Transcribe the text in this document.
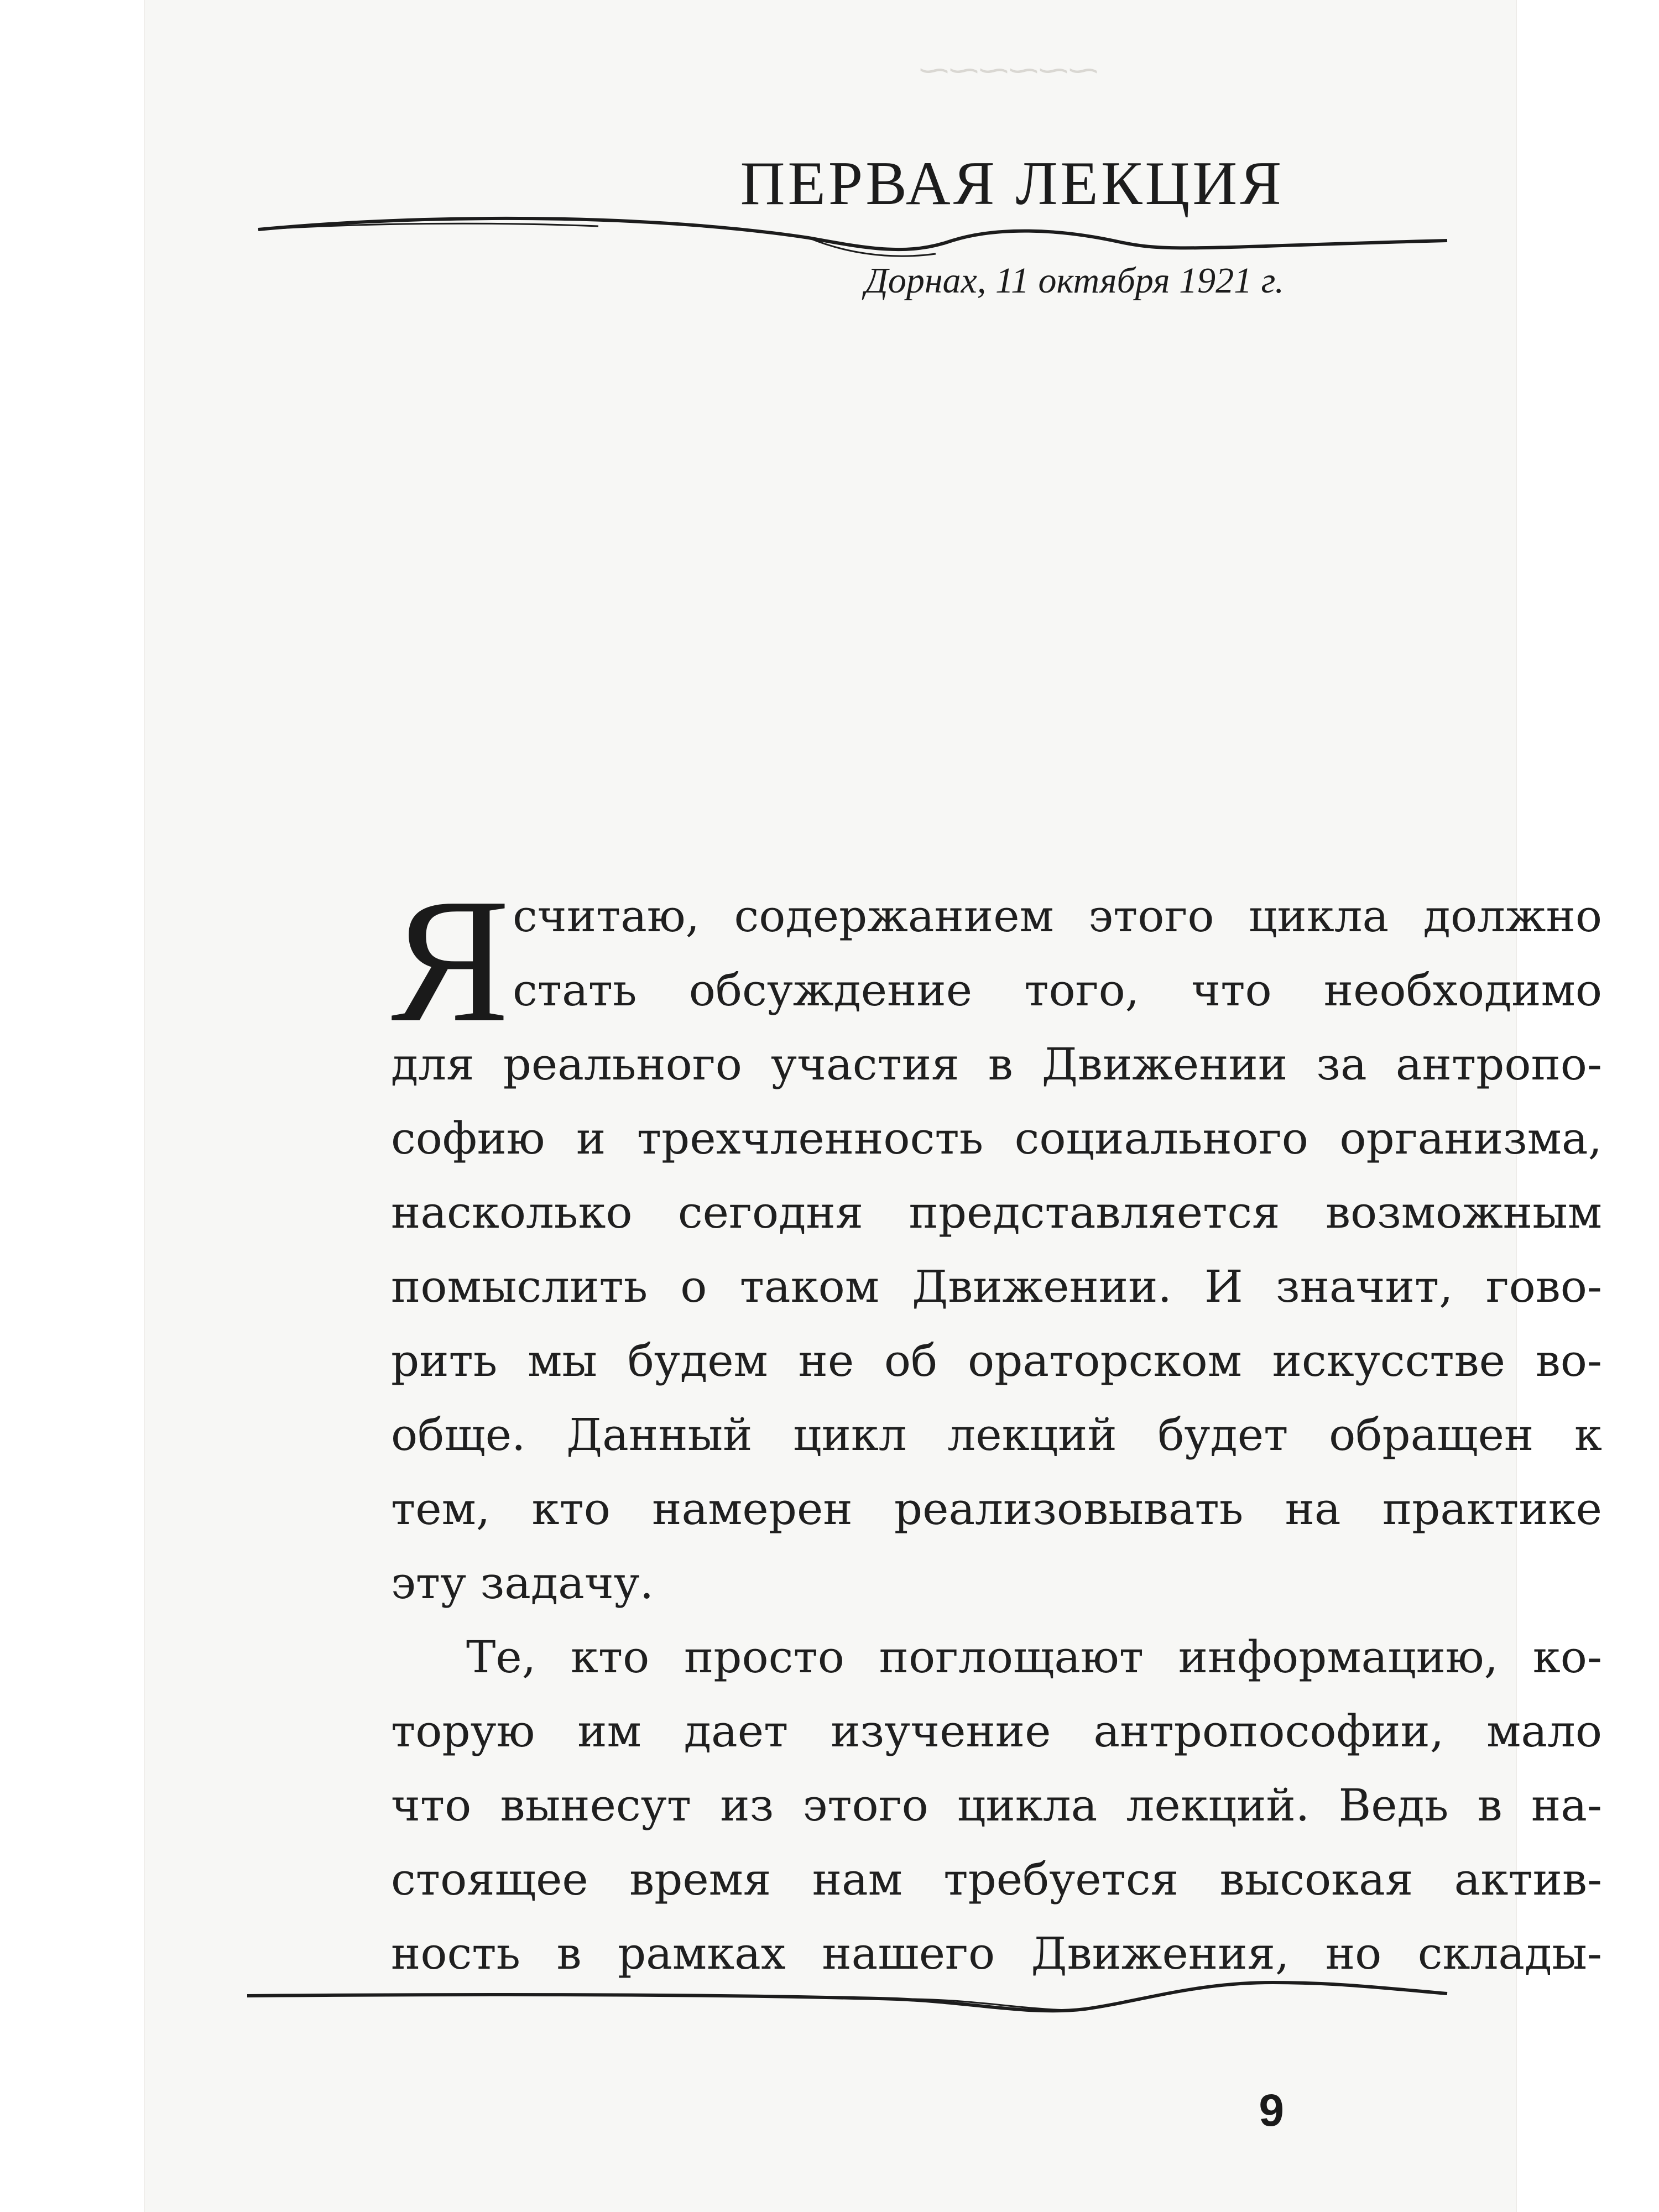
⁓⁓⁓⁓⁓⁓
ПЕРВАЯ ЛЕКЦИЯ
Дорнах, 11 октября 1921 г.
Я считаю, содержанием этого цикла должно
стать обсуждение того, что необходимо
для реального участия в Движении за антропо-
софию и трехчленность социального организма,
насколько сегодня представляется возможным
помыслить о таком Движении. И значит, гово-
рить мы будем не об ораторском искусстве во-
обще. Данный цикл лекций будет обращен к
тем, кто намерен реализовывать на практике
эту задачу.
Те, кто просто поглощают информацию, ко-
торую им дает изучение антропософии, мало
что вынесут из этого цикла лекций. Ведь в на-
стоящее время нам требуется высокая актив-
ность в рамках нашего Движения, но склады-
9
